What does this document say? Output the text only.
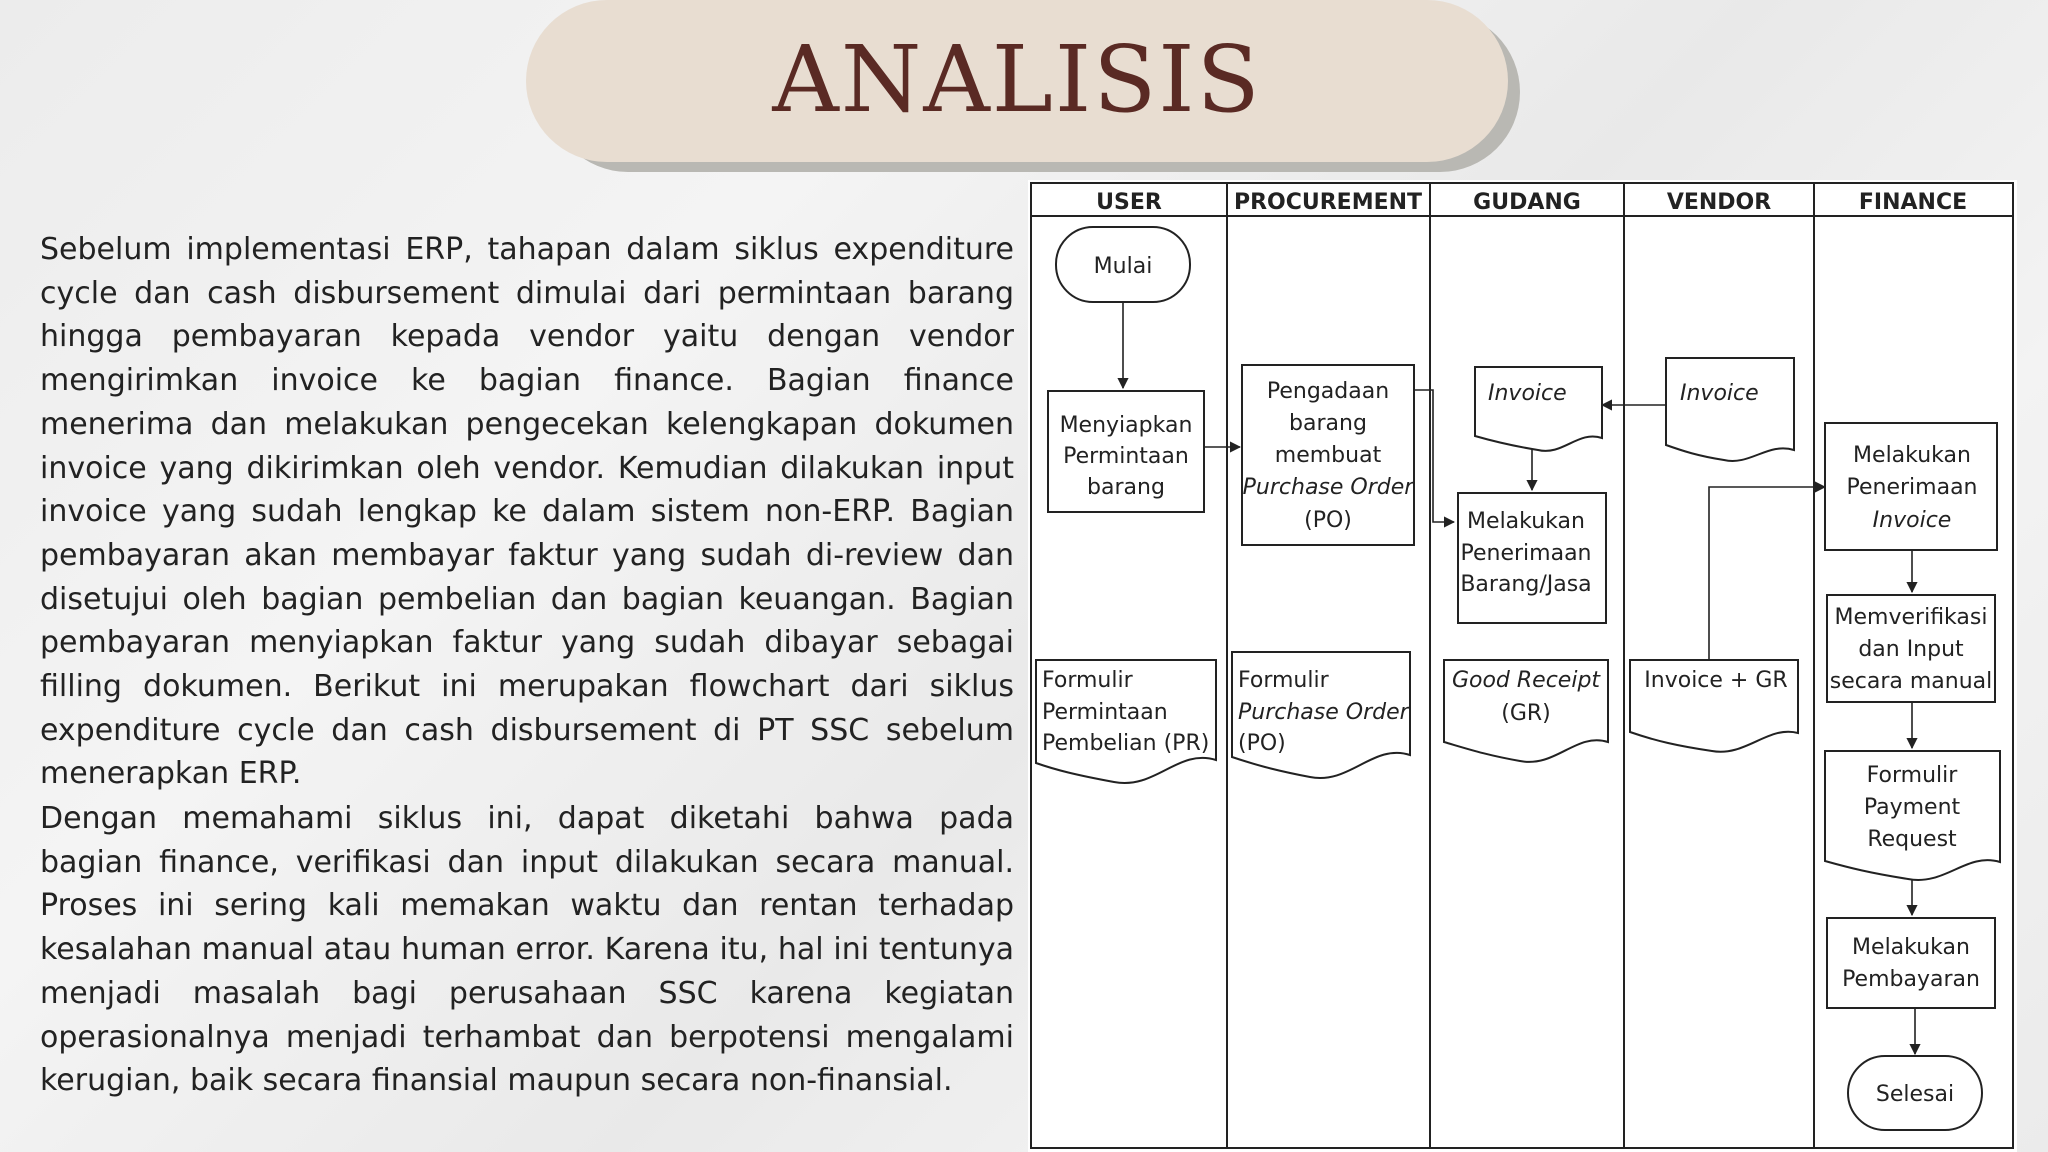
ANALISIS

Sebelum implementasi ERP, tahapan dalam siklus expenditure cycle dan cash disbursement dimulai dari permintaan barang hingga pembayaran kepada vendor yaitu dengan vendor mengirimkan invoice ke bagian finance. Bagian finance menerima dan melakukan pengecekan kelengkapan dokumen invoice yang dikirimkan oleh vendor. Kemudian dilakukan input invoice yang sudah lengkap ke dalam sistem non-ERP. Bagian pembayaran akan membayar faktur yang sudah di-review dan disetujui oleh bagian pembelian dan bagian keuangan. Bagian pembayaran menyiapkan faktur yang sudah dibayar sebagai filling dokumen. Berikut ini merupakan flowchart dari siklus expenditure cycle dan cash disbursement di PT SSC sebelum menerapkan ERP.

Dengan memahami siklus ini, dapat diketahi bahwa pada bagian finance, verifikasi dan input dilakukan secara manual. Proses ini sering kali memakan waktu dan rentan terhadap kesalahan manual atau human error. Karena itu, hal ini tentunya menjadi masalah bagi perusahaan SSC karena kegiatan operasionalnya menjadi terhambat dan berpotensi mengalami kerugian, baik secara finansial maupun secara non-finansial.

USER	PROCUREMENT GUDANG	VENDOR	FINANCE
Mulai
Menyiapkan
Permintaan
barang
Formulir
Permintaan
Pembelian (PR)
Pengadaan
barang
membuat
Purchase Order
(PO)
Formulir
Purchase Order
(PO)
Invoice
Melakukan
Penerimaan
Barang/Jasa
Good Receipt
(GR)
Invoice
Invoice + GR
Melakukan
Penerimaan
Invoice
Memverifikasi
dan Input
secara manual
Formulir
Payment
Request
Melakukan
Pembayaran
Selesai
